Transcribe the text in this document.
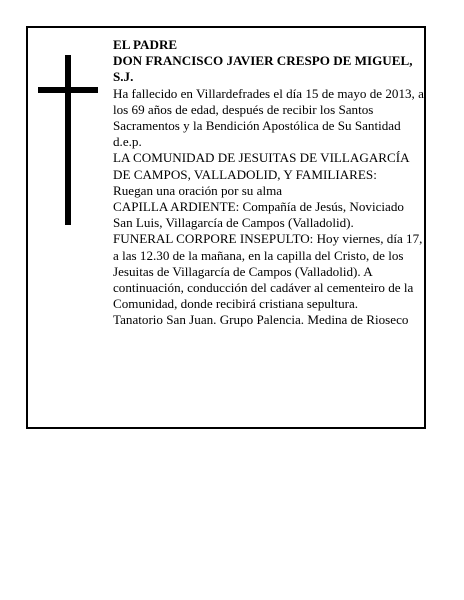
EL PADRE

DON FRANCISCO JAVIER CRESPO DE MIGUEL, S.J.

Ha fallecido en Villardefrades el día 15 de mayo de 2013, a los 69 años de edad, después de recibir los Santos Sacramentos y la Bendición Apostólica de Su Santidad

d.e.p.

LA COMUNIDAD DE JESUITAS DE VILLAGARCÍA DE CAMPOS, VALLADOLID, Y FAMILIARES:

Ruegan una oración por su alma

CAPILLA ARDIENTE: Compañía de Jesús, Noviciado San Luis, Villagarcía de Campos (Valladolid).

FUNERAL CORPORE INSEPULTO: Hoy viernes, día 17, a las 12.30 de la mañana, en la capilla del Cristo, de los Jesuitas de Villagarcía de Campos (Valladolid). A continuación, conducción del cadáver al cementeiro de la Comunidad, donde recibirá cristiana sepultura.

Tanatorio San Juan. Grupo Palencia. Medina de Rioseco
